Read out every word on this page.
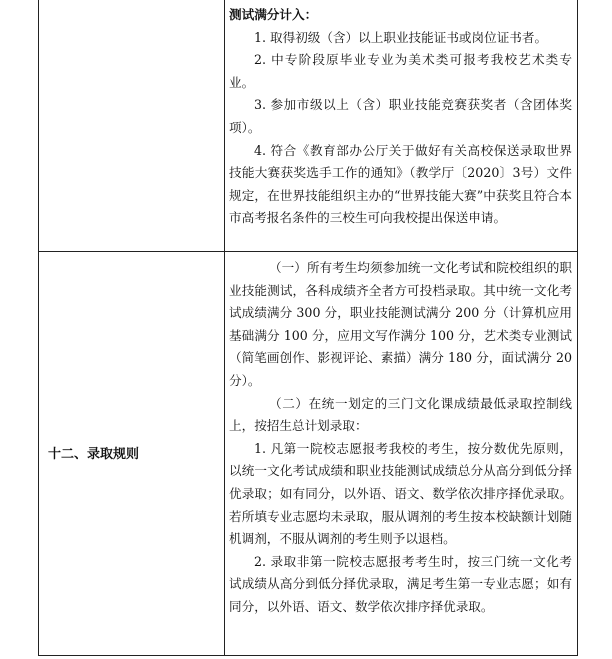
测试满分计入：

1. 取得初级（含）以上职业技能证书或岗位证书者。

2. 中专阶段原毕业专业为美术类可报考我校艺术类专业。

3. 参加市级以上（含）职业技能竞赛获奖者（含团体奖项）。

4. 符合《教育部办公厅关于做好有关高校保送录取世界技能大赛获奖选手工作的通知》（教学厅〔2020〕3号）文件规定，在世界技能组织主办的“世界技能大赛”中获奖且符合本市高考报名条件的三校生可向我校提出保送申请。

十二、录取规则

（一）所有考生均须参加统一文化考试和院校组织的职业技能测试，各科成绩齐全者方可投档录取。其中统一文化考试成绩满分 300 分，职业技能测试满分 200 分（计算机应用基础满分 100 分，应用文写作满分 100 分，艺术类专业测试（简笔画创作、影视评论、素描）满分 180 分，面试满分 20 分）。

（二）在统一划定的三门文化课成绩最低录取控制线上，按招生总计划录取：

1. 凡第一院校志愿报考我校的考生，按分数优先原则，以统一文化考试成绩和职业技能测试成绩总分从高分到低分择优录取；如有同分，以外语、语文、数学依次排序择优录取。若所填专业志愿均未录取，服从调剂的考生按本校缺额计划随机调剂，不服从调剂的考生则予以退档。

2. 录取非第一院校志愿报考考生时，按三门统一文化考试成绩从高分到低分择优录取，满足考生第一专业志愿；如有同分，以外语、语文、数学依次排序择优录取。
